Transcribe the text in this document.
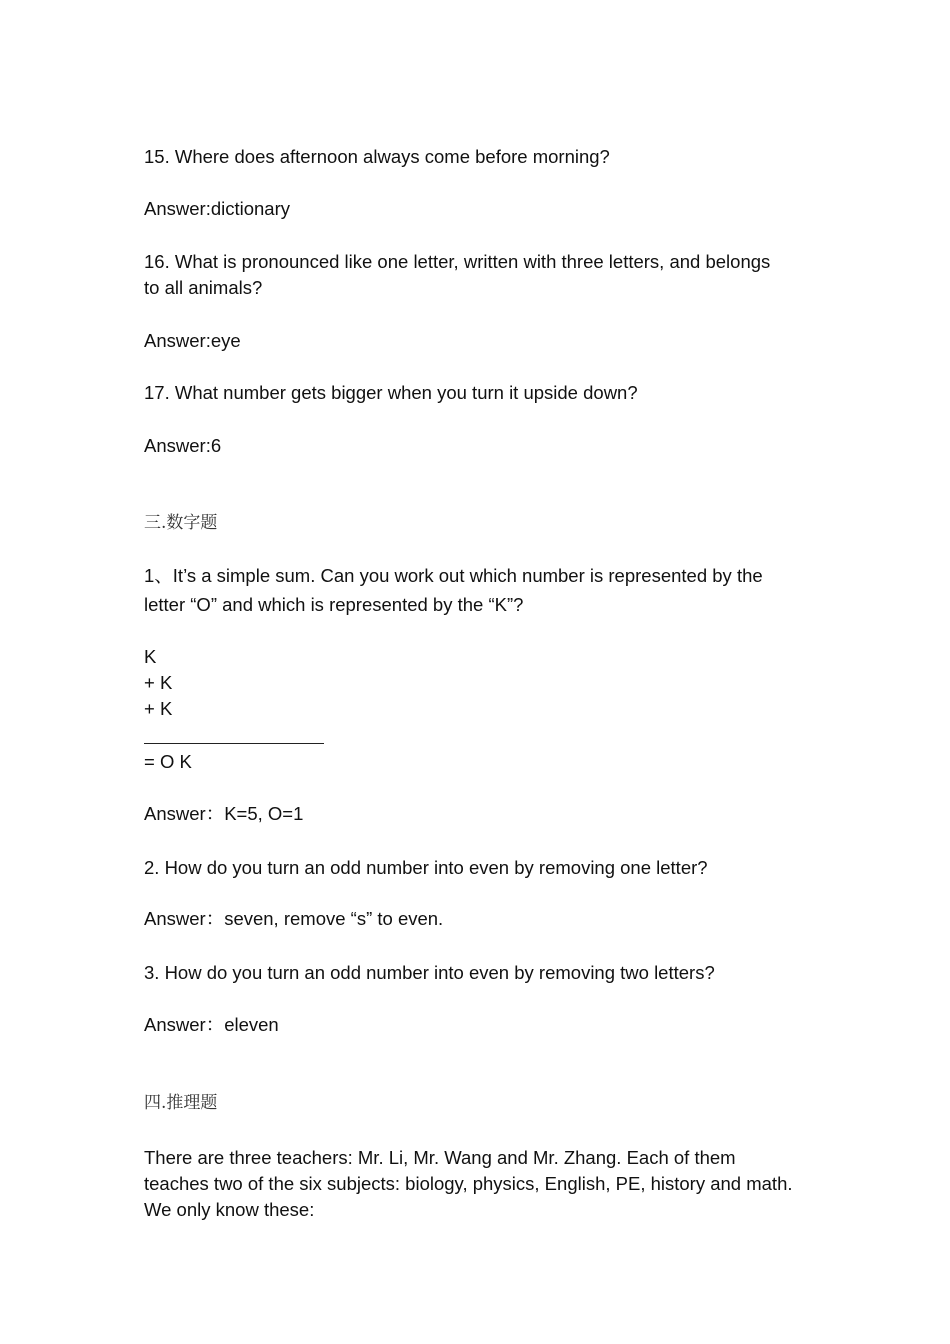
15. Where does afternoon always come before morning?

Answer:dictionary

16. What is pronounced like one letter, written with three letters, and belongs

to all animals?

Answer:eye

17. What number gets bigger when you turn it upside down?

Answer:6

三.数字题

1、It’s a simple sum. Can you work out which number is represented by the

letter “O” and which is represented by the “K”?

K

+ K

+ K

= O K

Answer：K=5, O=1

2. How do you turn an odd number into even by removing one letter?

Answer：seven, remove “s” to even.

3. How do you turn an odd number into even by removing two letters?

Answer：eleven

四.推理题

There are three teachers: Mr. Li, Mr. Wang and Mr. Zhang. Each of them

teaches two of the six subjects: biology, physics, English, PE, history and math.

We only know these:
